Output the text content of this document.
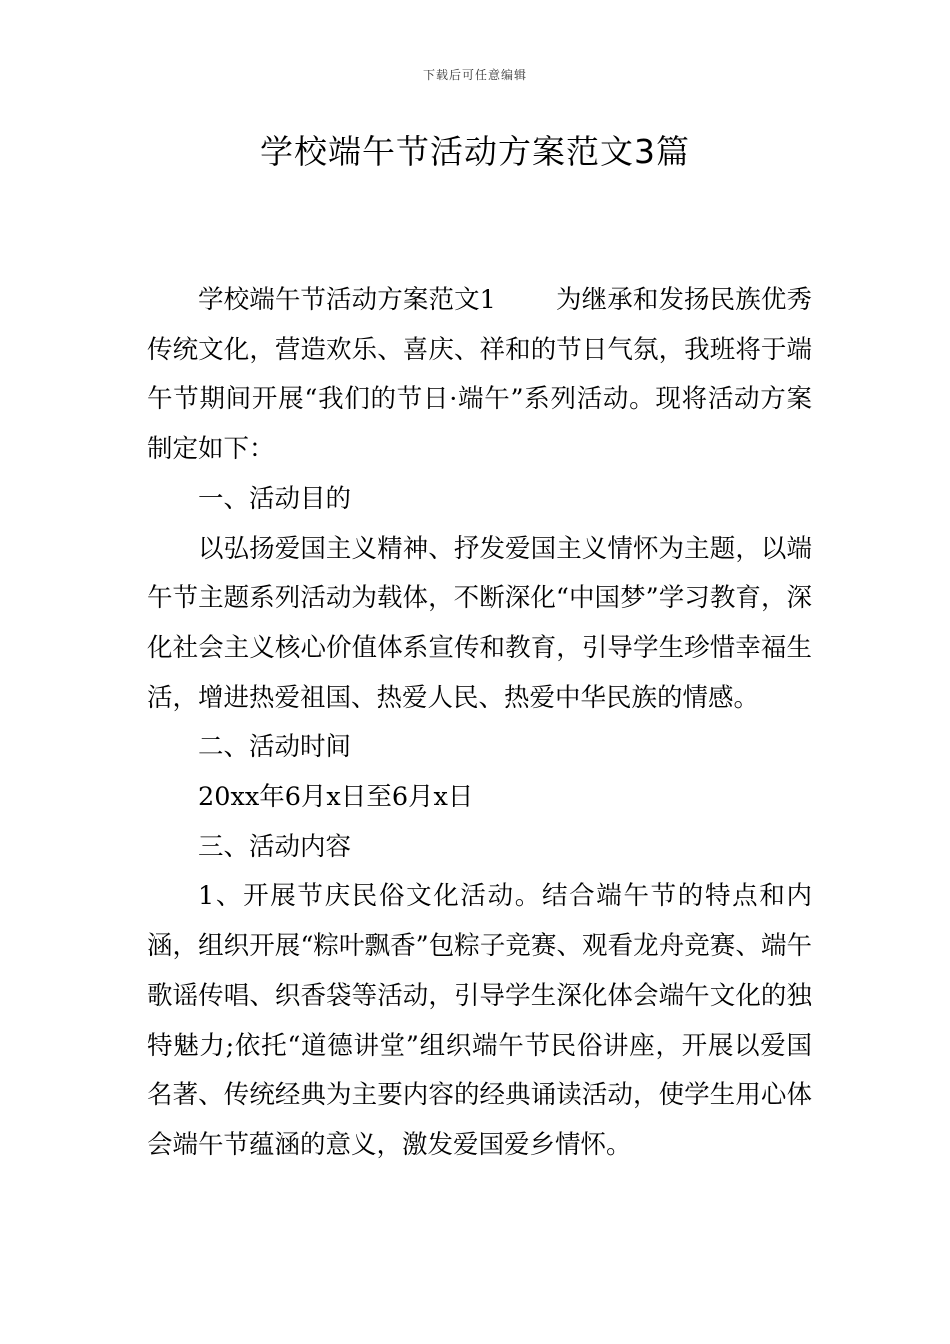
下载后可任意编辑
学校端午节活动方案范文3篇

学校端午节活动方案范文1 为继承和发扬民族优秀传统文化，营造欢乐、喜庆、祥和的节日气氛，我班将于端午节期间开展“我们的节日·端午”系列活动。现将活动方案制定如下：

一、活动目的

以弘扬爱国主义精神、抒发爱国主义情怀为主题，以端午节主题系列活动为载体，不断深化“中国梦”学习教育，深化社会主义核心价值体系宣传和教育，引导学生珍惜幸福生活，增进热爱祖国、热爱人民、热爱中华民族的情感。

二、活动时间

20xx年6月x日至6月x日

三、活动内容

1、开展节庆民俗文化活动。结合端午节的特点和内涵，组织开展“粽叶飘香”包粽子竞赛、观看龙舟竞赛、端午歌谣传唱、织香袋等活动，引导学生深化体会端午文化的独特魅力;依托“道德讲堂”组织端午节民俗讲座，开展以爱国名著、传统经典为主要内容的经典诵读活动，使学生用心体会端午节蕴涵的意义，激发爱国爱乡情怀。
